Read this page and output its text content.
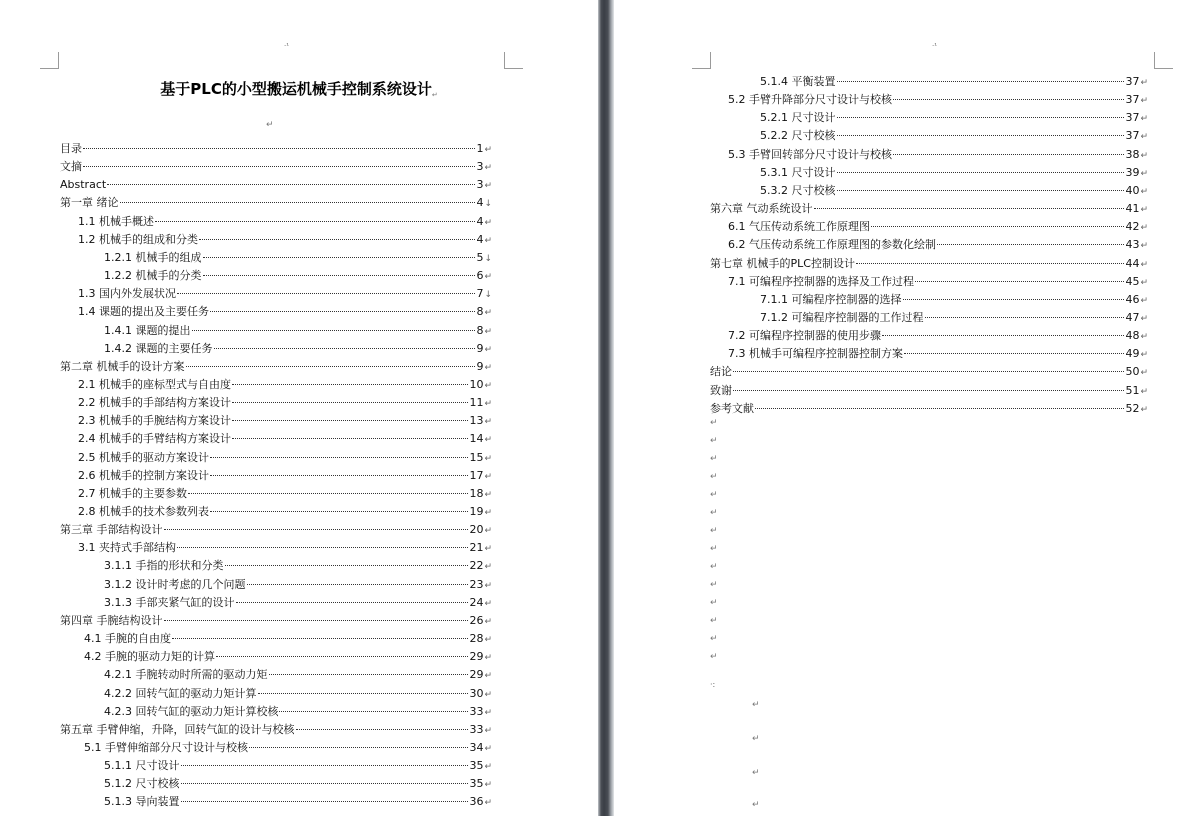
·¹
基于PLC的小型搬运机械手控制系统设计↵
↵
目录	1 ↵
文摘	3 ↵
Abstract	3 ↵
第一章 绪论	4 ↓
1.1 机械手概述	4 ↵
1.2 机械手的组成和分类	4 ↵
1.2.1 机械手的组成	5 ↓
1.2.2 机械手的分类	6 ↵
1.3 国内外发展状况	7 ↓
1.4 课题的提出及主要任务	8 ↵
1.4.1 课题的提出	8 ↵
1.4.2 课题的主要任务	9 ↵
第二章 机械手的设计方案	9 ↵
2.1 机械手的座标型式与自由度	10 ↵
2.2 机械手的手部结构方案设计	11 ↵
2.3 机械手的手腕结构方案设计	13 ↵
2.4 机械手的手臂结构方案设计	14 ↵
2.5 机械手的驱动方案设计	15 ↵
2.6 机械手的控制方案设计	17 ↵
2.7 机械手的主要参数	18 ↵
2.8 机械手的技术参数列表	19 ↵
第三章 手部结构设计	20 ↵
3.1 夹持式手部结构	21 ↵
3.1.1 手指的形状和分类	22 ↵
3.1.2 设计时考虑的几个问题	23 ↵
3.1.3 手部夹紧气缸的设计	24 ↵
第四章 手腕结构设计	26 ↵
4.1 手腕的自由度	28 ↵
4.2 手腕的驱动力矩的计算	29 ↵
4.2.1 手腕转动时所需的驱动力矩	29 ↵
4.2.2 回转气缸的驱动力矩计算	30 ↵
4.2.3 回转气缸的驱动力矩计算校核	33 ↵
第五章 手臂伸缩，升降，回转气缸的设计与校核	33 ↵
5.1 手臂伸缩部分尺寸设计与校核	34 ↵
5.1.1 尺寸设计	35 ↵
5.1.2 尺寸校核	35 ↵
5.1.3 导向装置	36 ↵
·¹
5.1.4 平衡装置	37 ↵
5.2 手臂升降部分尺寸设计与校核	37 ↵
5.2.1 尺寸设计	37 ↵
5.2.2 尺寸校核	37 ↵
5.3 手臂回转部分尺寸设计与校核	38 ↵
5.3.1 尺寸设计	39 ↵
5.3.2 尺寸校核	40 ↵
第六章 气动系统设计	41 ↵
6.1 气压传动系统工作原理图	42 ↵
6.2 气压传动系统工作原理图的参数化绘制	43 ↵
第七章 机械手的PLC控制设计	44 ↵
7.1 可编程序控制器的选择及工作过程	45 ↵
7.1.1 可编程序控制器的选择	46 ↵
7.1.2 可编程序控制器的工作过程	47 ↵
7.2 可编程序控制器的使用步骤	48 ↵
7.3 机械手可编程序控制器控制方案	49 ↵
结论	50 ↵
致谢	51 ↵
参考文献	52 ↵
↵
↵
↵
↵
↵
↵
↵
↵
↵
↵
↵
↵
↵
↵
↵
↵
↵
↵
·:
